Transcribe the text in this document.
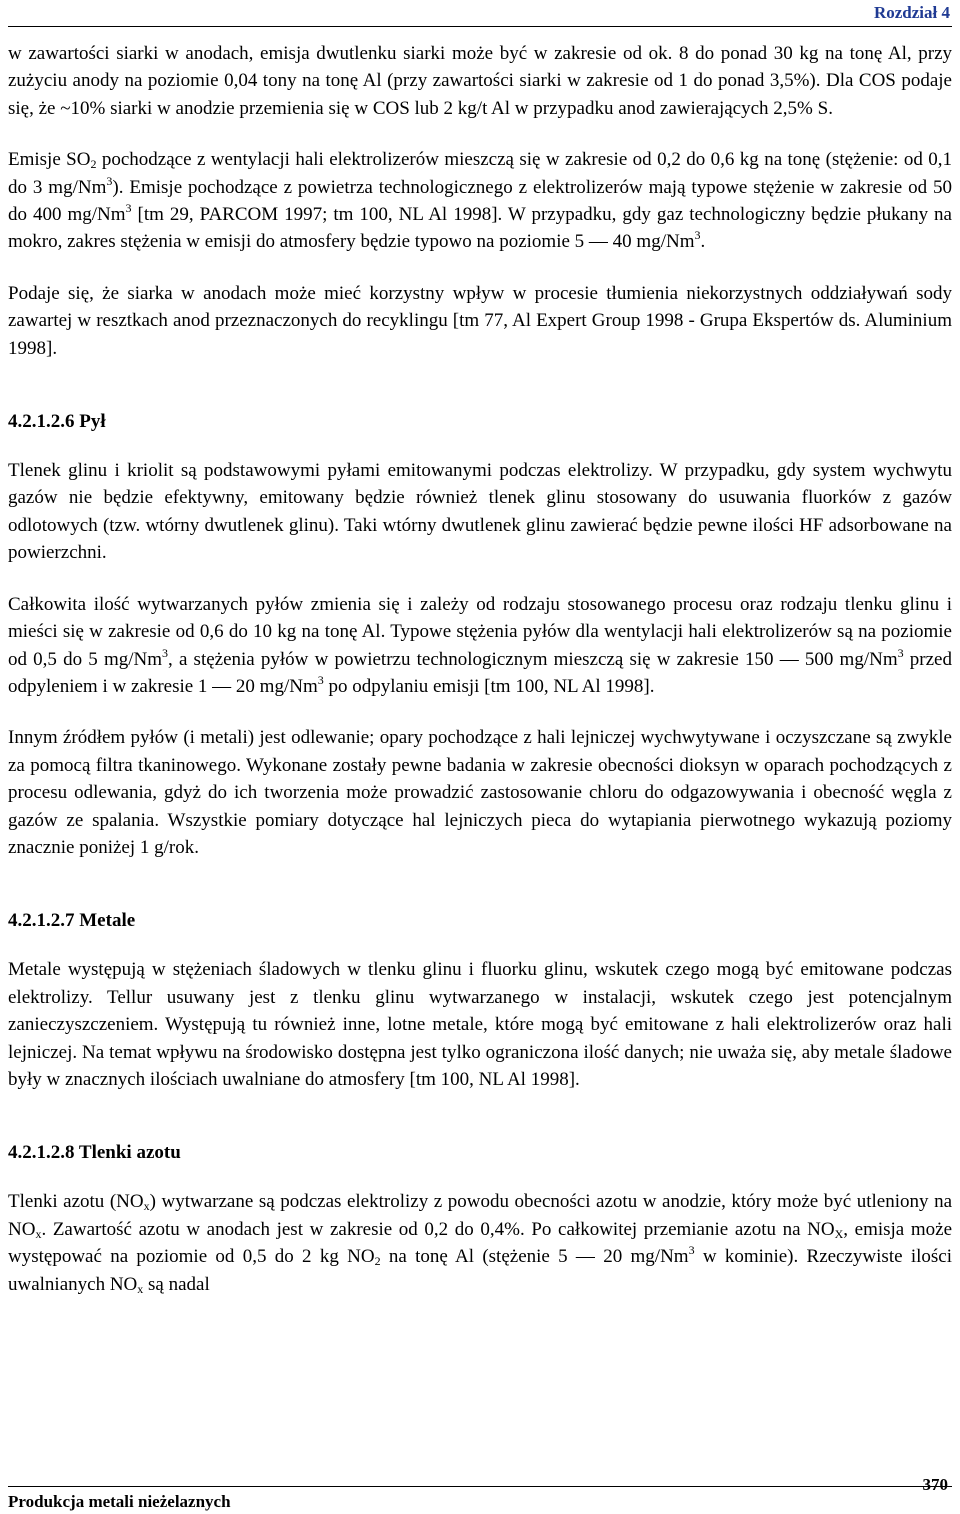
Rozdział 4

w zawartości siarki w anodach, emisja dwutlenku siarki może być w zakresie od ok. 8 do ponad 30 kg na tonę Al, przy zużyciu anody na poziomie 0,04 tony na tonę Al (przy zawartości siarki w zakresie od 1 do ponad 3,5%). Dla COS podaje się, że ~10% siarki w anodzie przemienia się w COS lub 2 kg/t Al w przypadku anod zawierających 2,5% S.

Emisje $SO_2$ pochodzące z wentylacji hali elektrolizerów mieszczą się w zakresie od 0,2 do 0,6 kg na tonę (stężenie: od 0,1 do 3 mg/Nm$^3$). Emisje pochodzące z powietrza technologicznego z elektrolizerów mają typowe stężenie w zakresie od 50 do 400 mg/Nm$^3$ [tm 29, PARCOM 1997; tm 100, NL Al 1998]. W przypadku, gdy gaz technologiczny będzie płukany na mokro, zakres stężenia w emisji do atmosfery będzie typowo na poziomie 5 — 40 mg/Nm$^3$.

Podaje się, że siarka w anodach może mieć korzystny wpływ w procesie tłumienia niekorzystnych oddziaływań sody zawartej w resztkach anod przeznaczonych do recyklingu [tm 77, Al Expert Group 1998 - Grupa Ekspertów ds. Aluminium 1998].

4.2.1.2.6 Pył

Tlenek glinu i kriolit są podstawowymi pyłami emitowanymi podczas elektrolizy. W przypadku, gdy system wychwytu gazów nie będzie efektywny, emitowany będzie również tlenek glinu stosowany do usuwania fluorków z gazów odlotowych (tzw. wtórny dwutlenek glinu). Taki wtórny dwutlenek glinu zawierać będzie pewne ilości HF adsorbowane na powierzchni.

Całkowita ilość wytwarzanych pyłów zmienia się i zależy od rodzaju stosowanego procesu oraz rodzaju tlenku glinu i mieści się w zakresie od 0,6 do 10 kg na tonę Al. Typowe stężenia pyłów dla wentylacji hali elektrolizerów są na poziomie od 0,5 do 5 mg/Nm$^3$, a stężenia pyłów w powietrzu technologicznym mieszczą się w zakresie 150 — 500 mg/Nm$^3$ przed odpyleniem i w zakresie 1 — 20 mg/Nm$^3$ po odpylaniu emisji [tm 100, NL Al 1998].

Innym źródłem pyłów (i metali) jest odlewanie; opary pochodzące z hali lejniczej wychwytywane i oczyszczane są zwykle za pomocą filtra tkaninowego. Wykonane zostały pewne badania w zakresie obecności dioksyn w oparach pochodzących z procesu odlewania, gdyż do ich tworzenia może prowadzić zastosowanie chloru do odgazowywania i obecność węgla z gazów ze spalania. Wszystkie pomiary dotyczące hal lejniczych pieca do wytapiania pierwotnego wykazują poziomy znacznie poniżej 1 g/rok.

4.2.1.2.7 Metale

Metale występują w stężeniach śladowych w tlenku glinu i fluorku glinu, wskutek czego mogą być emitowane podczas elektrolizy. Tellur usuwany jest z tlenku glinu wytwarzanego w instalacji, wskutek czego jest potencjalnym zanieczyszczeniem. Występują tu również inne, lotne metale, które mogą być emitowane z hali elektrolizerów oraz hali lejniczej. Na temat wpływu na środowisko dostępna jest tylko ograniczona ilość danych; nie uważa się, aby metale śladowe były w znacznych ilościach uwalniane do atmosfery [tm 100, NL Al 1998].

4.2.1.2.8 Tlenki azotu

Tlenki azotu $(NO_x)$ wytwarzane są podczas elektrolizy z powodu obecności azotu w anodzie, który może być utleniony na $NO_x$. Zawartość azotu w anodach jest w zakresie od 0,2 do 0,4%. Po całkowitej przemianie azotu na $NO_X$, emisja może występować na poziomie od 0,5 do 2 kg $NO_2$ na tonę Al (stężenie 5 — 20 mg/Nm$^3$ w kominie). Rzeczywiste ilości uwalnianych $NO_x$ są nadal

Produkcja metali nieżelaznych
370
